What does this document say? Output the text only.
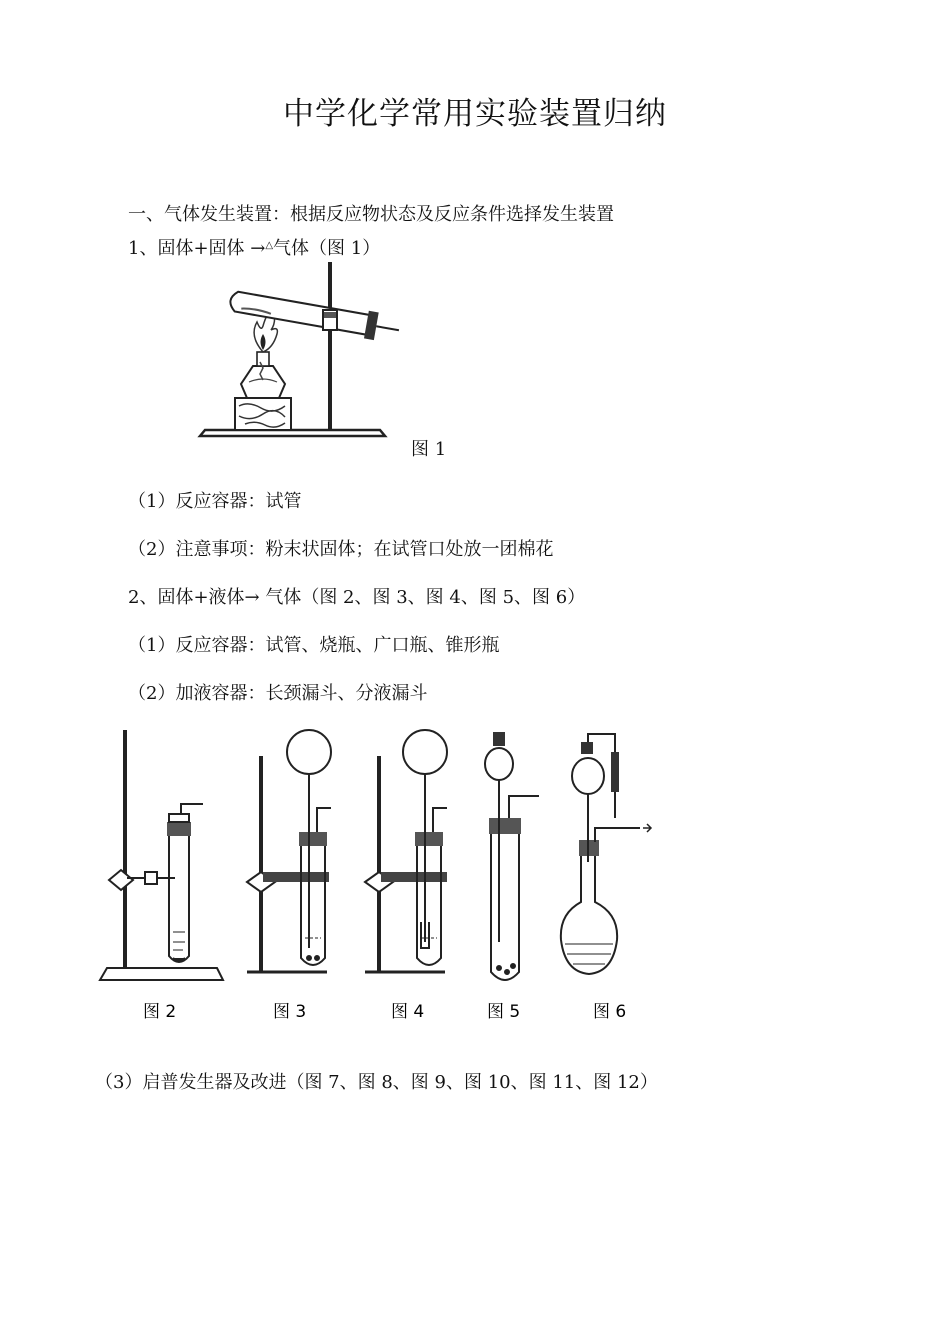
中学化学常用实验装置归纳
一、气体发生装置：根据反应物状态及反应条件选择发生装置
1、固体+固体 →△气体（图 1）
图 1
（1）反应容器：试管
（2）注意事项：粉末状固体；在试管口处放一团棉花
2、固体+液体→ 气体（图 2、图 3、图 4、图 5、图 6）
（1）反应容器：试管、烧瓶、广口瓶、锥形瓶
（2）加液容器：长颈漏斗、分液漏斗
图 2	图 3	图 4	图 5	图 6
（3）启普发生器及改进（图 7、图 8、图 9、图 10、图 11、图 12）
